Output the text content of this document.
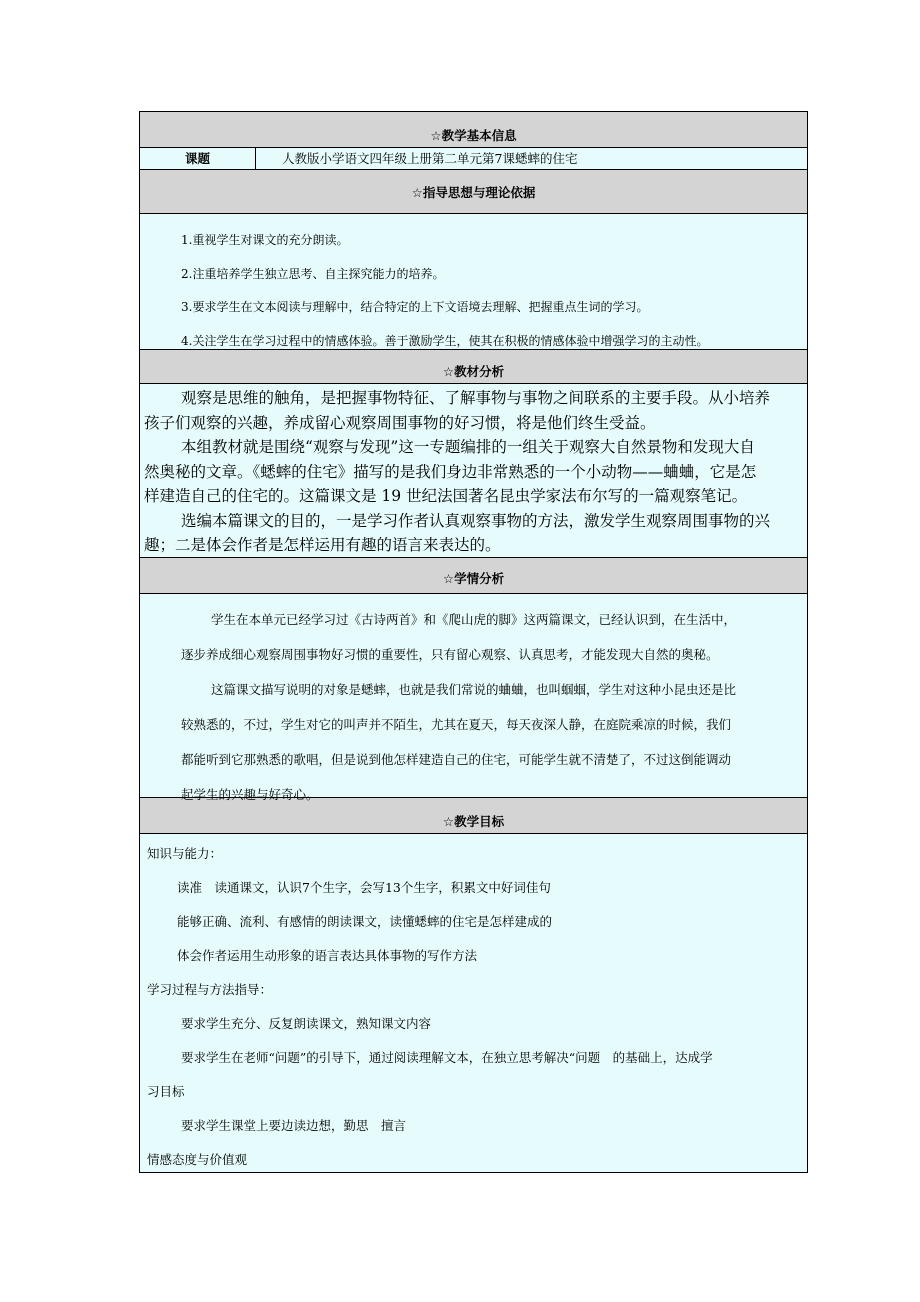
☆教学基本信息
课题	人教版小学语文四年级上册第二单元第7课蟋蟀的住宅
☆指导思想与理论依据

1.重视学生对课文的充分朗读。

2.注重培养学生独立思考、自主探究能力的培养。

3.要求学生在文本阅读与理解中，结合特定的上下文语境去理解、把握重点生词的学习。

4.关注学生在学习过程中的情感体验。善于激励学生，使其在积极的情感体验中增强学习的主动性。

☆教材分析

观察是思维的触角，是把握事物特征、了解事物与事物之间联系的主要手段。从小培养

孩子们观察的兴趣，养成留心观察周围事物的好习惯，将是他们终生受益。

本组教材就是围绕“观察与发现”这一专题编排的一组关于观察大自然景物和发现大自

然奥秘的文章。《蟋蟀的住宅》描写的是我们身边非常熟悉的一个小动物——蛐蛐，它是怎

样建造自己的住宅的。这篇课文是 19 世纪法国著名昆虫学家法布尔写的一篇观察笔记。

选编本篇课文的目的，一是学习作者认真观察事物的方法，激发学生观察周围事物的兴

趣；二是体会作者是怎样运用有趣的语言来表达的。

☆学情分析

学生在本单元已经学习过《古诗两首》和《爬山虎的脚》这两篇课文，已经认识到，在生活中，

逐步养成细心观察周围事物好习惯的重要性，只有留心观察、认真思考，才能发现大自然的奥秘。

这篇课文描写说明的对象是蟋蟀，也就是我们常说的蛐蛐，也叫蝈蝈，学生对这种小昆虫还是比

较熟悉的，不过，学生对它的叫声并不陌生，尤其在夏天，每天夜深人静，在庭院乘凉的时候，我们

都能听到它那熟悉的歌唱，但是说到他怎样建造自己的住宅，可能学生就不清楚了，不过这倒能调动

起学生的兴趣与好奇心。

☆教学目标

知识与能力：

读准　读通课文，认识7个生字，会写13个生字，积累文中好词佳句

能够正确、流利、有感情的朗读课文，读懂蟋蟀的住宅是怎样建成的

体会作者运用生动形象的语言表达具体事物的写作方法

学习过程与方法指导：

要求学生充分、反复朗读课文，熟知课文内容

要求学生在老师“问题”的引导下，通过阅读理解文本，在独立思考解决“问题　的基础上，达成学

习目标

要求学生课堂上要边读边想，勤思　擅言

情感态度与价值观
